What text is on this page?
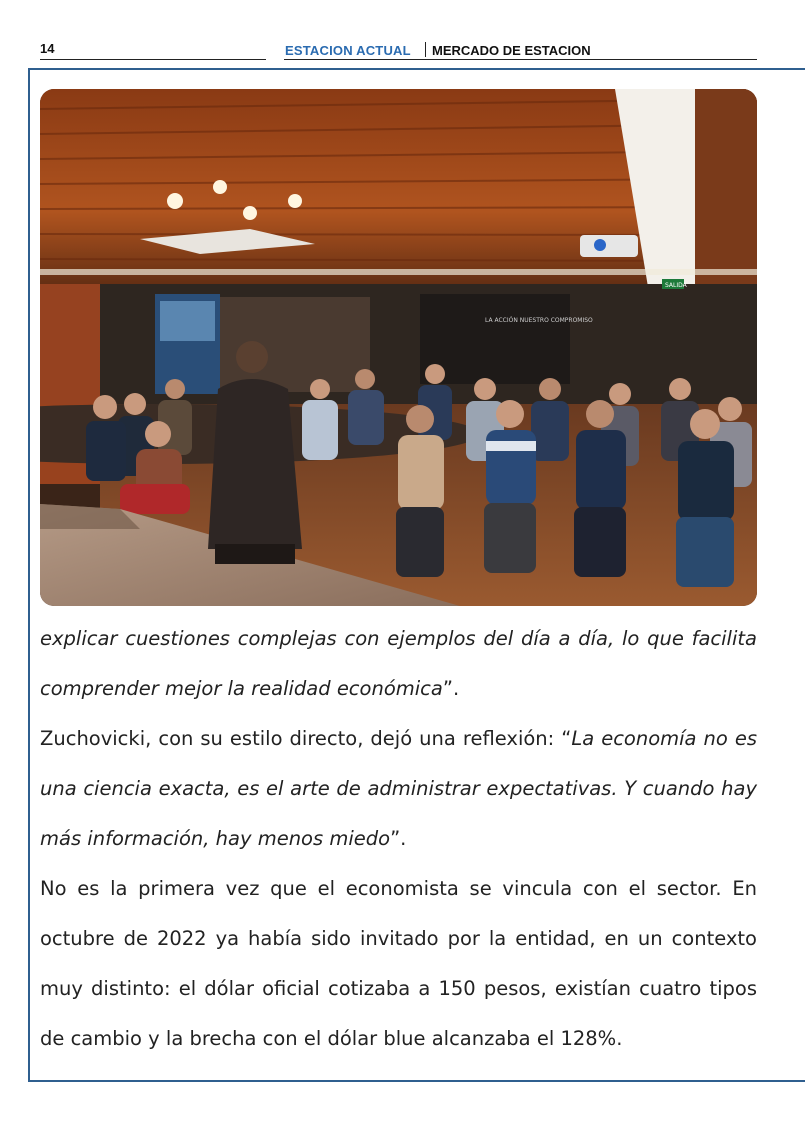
14	ESTACION ACTUAL MERCADO DE ESTACION
LA ACCIÓN NUESTRO COMPROMISO
SALIDA

explicar cuestiones complejas con ejemplos del día a día, lo que facilita comprender mejor la realidad económica”.

Zuchovicki, con su estilo directo, dejó una reflexión: “La economía no es una ciencia exacta, es el arte de administrar expectativas. Y cuando hay más información, hay menos miedo”.

No es la primera vez que el economista se vincula con el sector. En octubre de 2022 ya había sido invitado por la entidad, en un contexto muy distinto: el dólar oficial cotizaba a 150 pesos, existían cuatro tipos de cambio y la brecha con el dólar blue alcanzaba el 128%.
